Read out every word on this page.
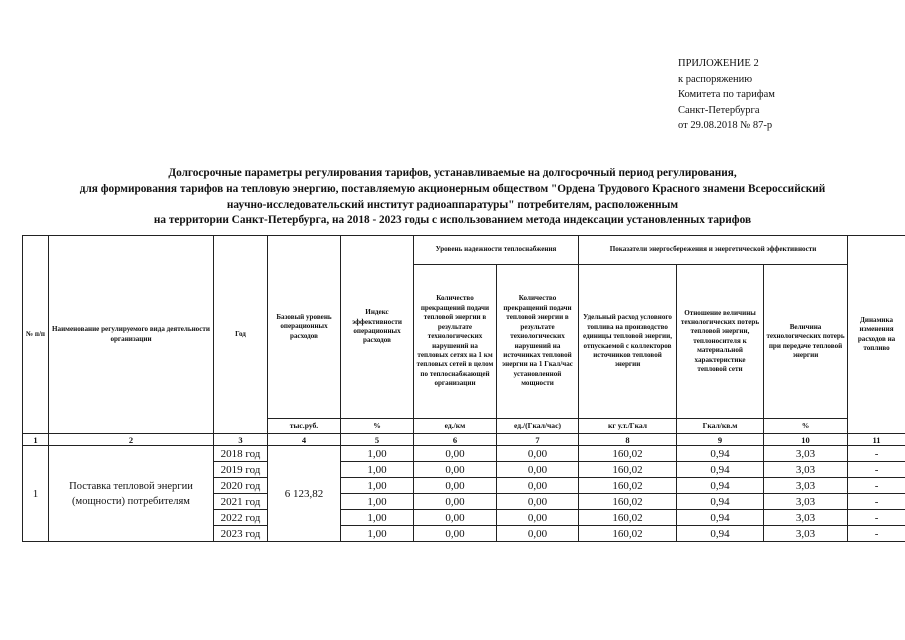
ПРИЛОЖЕНИЕ 2
к распоряжению
Комитета по тарифам
Санкт-Петербурга
от 29.08.2018 № 87-р
Долгосрочные параметры регулирования тарифов, устанавливаемые на долгосрочный период регулирования,
для формирования тарифов на тепловую энергию, поставляемую акционерным обществом "Ордена Трудового Красного знамени Всероссийский
научно-исследовательский институт радиоаппаратуры" потребителям, расположенным
на территории Санкт-Петербурга, на 2018 - 2023 годы с использованием метода индексации установленных тарифов
№ п/п	Наименование регулируемого вида деятельности организации	Год	Базовый уровень операционных расходов	Индекс эффективности операционных расходов	Уровень надежности теплоснабжения		Показатели энергосбережения и энергетической эффективности			Динамика изменения расходов на топливо
					Количество прекращений подачи тепловой энергии в результате технологических нарушений на тепловых сетях на 1 км тепловых сетей в целом по теплоснабжающей организации	Количество прекращений подачи тепловой энергии в результате технологических нарушений на источниках тепловой энергии на 1 Гкал/час установленной мощности	Удельный расход условного топлива на производство единицы тепловой энергии, отпускаемой с коллекторов источников тепловой энергии	Отношение величины технологических потерь тепловой энергии, теплоносителя к материальной характеристике тепловой сети	Величина технологических потерь при передаче тепловой энергии	
			тыс.руб.	%	ед./км	ед./(Гкал/час)	кг у.т./Гкал	Гкал/кв.м	%	
1	2	3	4	5	6	7	8	9	10	11
1	Поставка тепловой энергии (мощности) потребителям	2018 год	6 123,82	1,00	0,00	0,00	160,02	0,94	3,03	-
		2019 год		1,00	0,00	0,00	160,02	0,94	3,03	-
		2020 год		1,00	0,00	0,00	160,02	0,94	3,03	-
		2021 год		1,00	0,00	0,00	160,02	0,94	3,03	-
		2022 год		1,00	0,00	0,00	160,02	0,94	3,03	-
		2023 год		1,00	0,00	0,00	160,02	0,94	3,03	-
